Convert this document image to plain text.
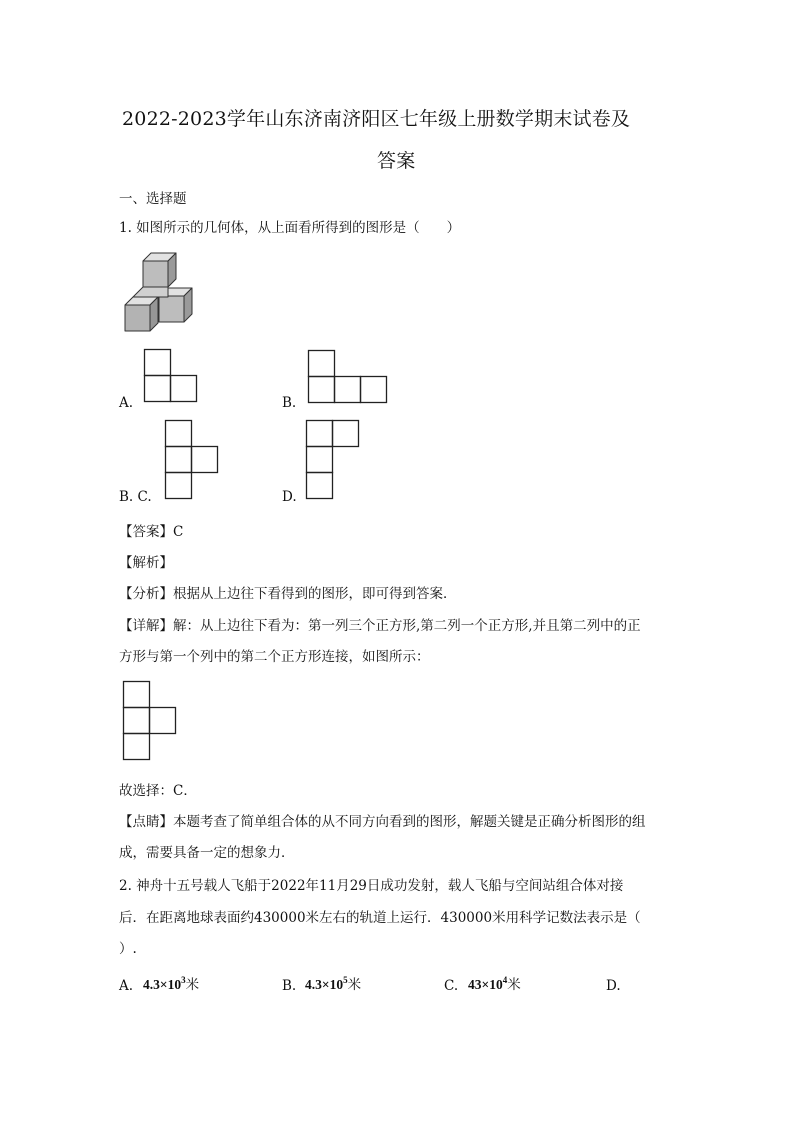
2022-2023学年山东济南济阳区七年级上册数学期末试卷及
答案
一、选择题
1. 如图所示的几何体，从上面看所得到的图形是（　　）
A.	B.
B. C.	D.
【答案】C
【解析】
【分析】根据从上边往下看得到的图形，即可得到答案．
【详解】解：从上边往下看为：第一列三个正方形,第二列一个正方形,并且第二列中的正
方形与第一个列中的第二个正方形连接，如图所示：
故选择：C．
【点睛】本题考查了简单组合体的从不同方向看到的图形，解题关键是正确分析图形的组
成，需要具备一定的想象力．
2. 神舟十五号载人飞船于2022年11月29日成功发射，载人飞船与空间站组合体对接
后．在距离地球表面约430000米左右的轨道上运行．430000米用科学记数法表示是（
）.
A. $4.3\times 10^3$米	B. $4.3\times 10^5$米	C. $43\times 10^4$米	D.
